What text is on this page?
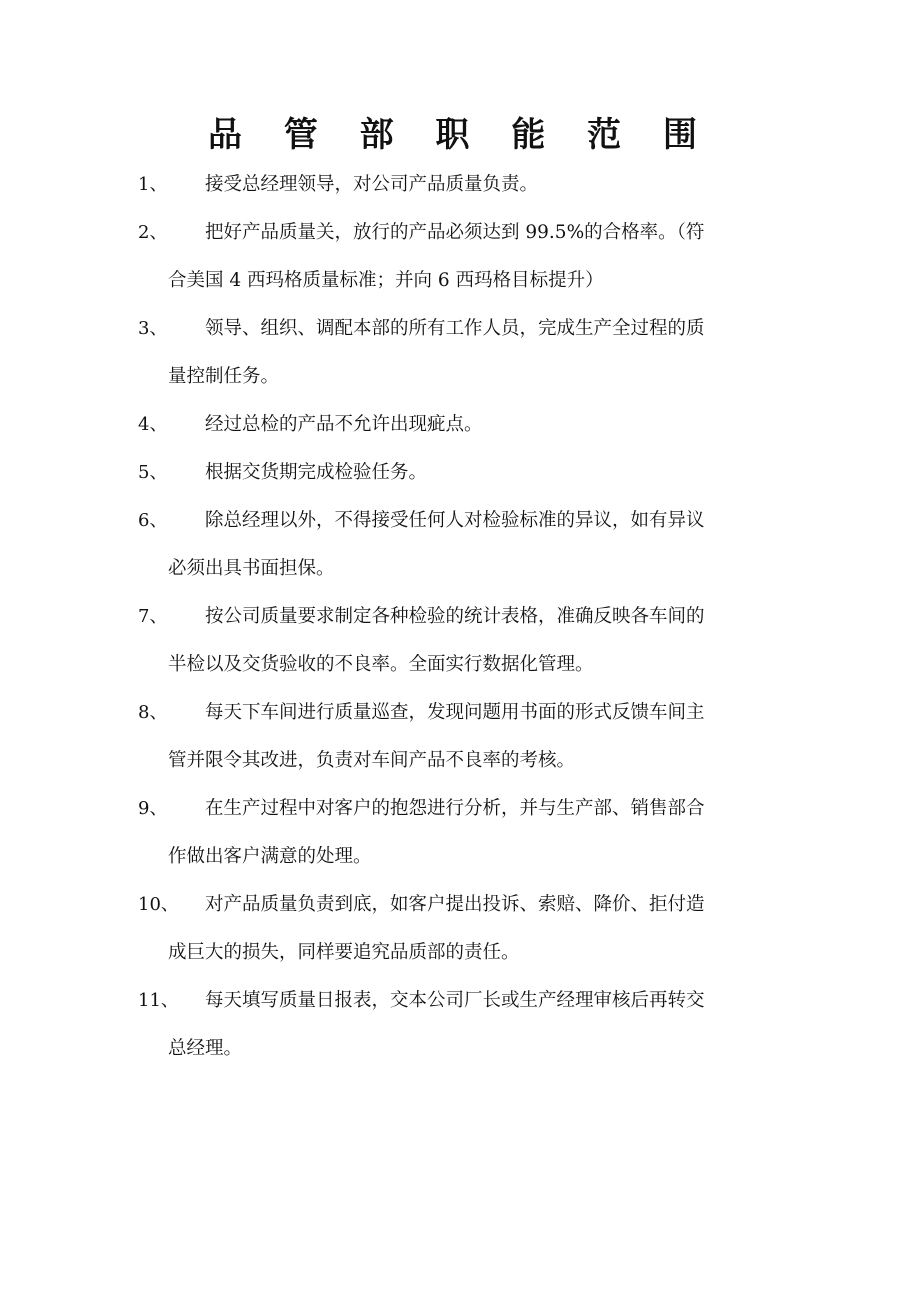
品 管 部 职 能 范 围
1、 接受总经理领导，对公司产品质量负责。
2、 把好产品质量关，放行的产品必须达到 99.5%的合格率。（符
合美国 4 西玛格质量标准；并向 6 西玛格目标提升）
3、 领导、组织、调配本部的所有工作人员，完成生产全过程的质
量控制任务。
4、 经过总检的产品不允许出现疵点。
5、 根据交货期完成检验任务。
6、 除总经理以外，不得接受任何人对检验标准的异议，如有异议
必须出具书面担保。
7、 按公司质量要求制定各种检验的统计表格，准确反映各车间的
半检以及交货验收的不良率。全面实行数据化管理。
8、 每天下车间进行质量巡查，发现问题用书面的形式反馈车间主
管并限令其改进，负责对车间产品不良率的考核。
9、 在生产过程中对客户的抱怨进行分析，并与生产部、销售部合
作做出客户满意的处理。
10、 对产品质量负责到底，如客户提出投诉、索赔、降价、拒付造
成巨大的损失，同样要追究品质部的责任。
11、 每天填写质量日报表，交本公司厂长或生产经理审核后再转交
总经理。
